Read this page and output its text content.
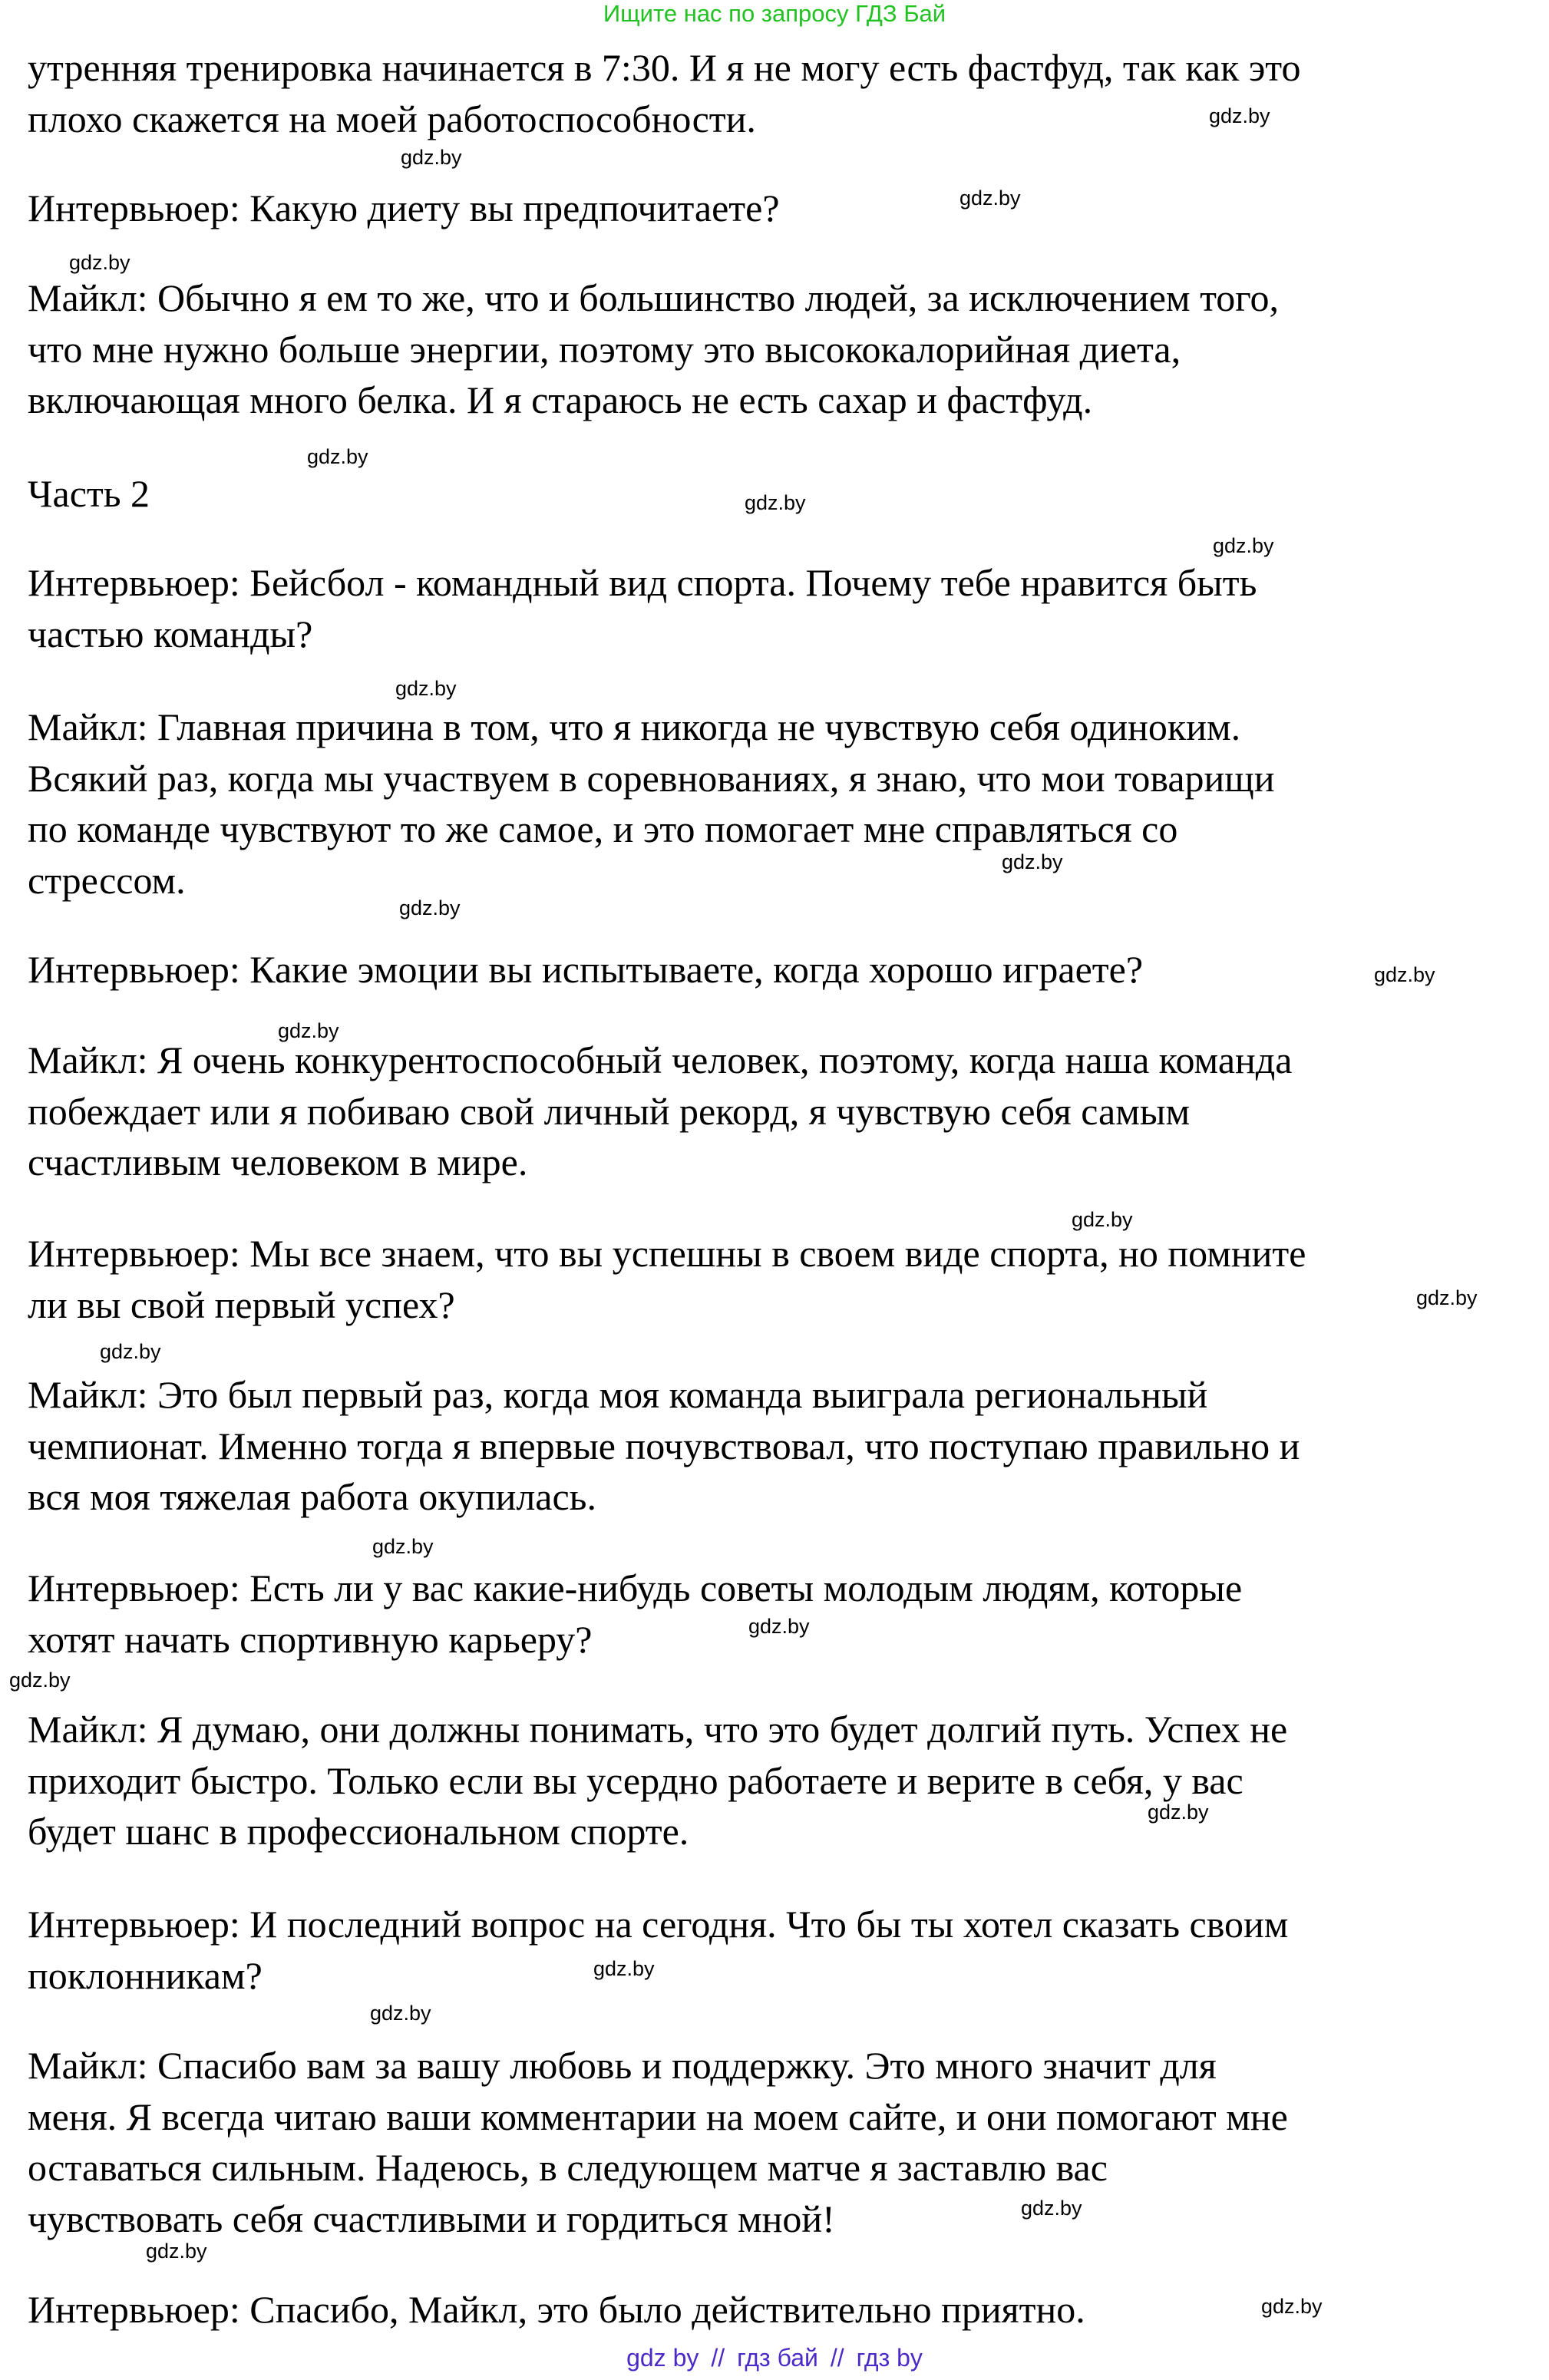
Ищите нас по запросу ГДЗ Бай

утренняя тренировка начинается в 7:30. И я не могу есть фастфуд, так как это
плохо скажется на моей работоспособности.

Интервьюер: Какую диету вы предпочитаете?

Майкл: Обычно я ем то же, что и большинство людей, за исключением того,
что мне нужно больше энергии, поэтому это высококалорийная диета,
включающая много белка. И я стараюсь не есть сахар и фастфуд.

Часть 2

Интервьюер: Бейсбол - командный вид спорта. Почему тебе нравится быть
частью команды?

Майкл: Главная причина в том, что я никогда не чувствую себя одиноким.
Всякий раз, когда мы участвуем в соревнованиях, я знаю, что мои товарищи
по команде чувствуют то же самое, и это помогает мне справляться со
стрессом.

Интервьюер: Какие эмоции вы испытываете, когда хорошо играете?

Майкл: Я очень конкурентоспособный человек, поэтому, когда наша команда
побеждает или я побиваю свой личный рекорд, я чувствую себя самым
счастливым человеком в мире.

Интервьюер: Мы все знаем, что вы успешны в своем виде спорта, но помните
ли вы свой первый успех?

Майкл: Это был первый раз, когда моя команда выиграла региональный
чемпионат. Именно тогда я впервые почувствовал, что поступаю правильно и
вся моя тяжелая работа окупилась.

Интервьюер: Есть ли у вас какие-нибудь советы молодым людям, которые
хотят начать спортивную карьеру?

Майкл: Я думаю, они должны понимать, что это будет долгий путь. Успех не
приходит быстро. Только если вы усердно работаете и верите в себя, у вас
будет шанс в профессиональном спорте.

Интервьюер: И последний вопрос на сегодня. Что бы ты хотел сказать своим
поклонникам?

Майкл: Спасибо вам за вашу любовь и поддержку. Это много значит для
меня. Я всегда читаю ваши комментарии на моем сайте, и они помогают мне
оставаться сильным. Надеюсь, в следующем матче я заставлю вас
чувствовать себя счастливыми и гордиться мной!

Интервьюер: Спасибо, Майкл, это было действительно приятно.

gdz.by
gdz.by
gdz.by
gdz.by
gdz.by
gdz.by
gdz.by
gdz.by
gdz.by
gdz.by
gdz.by
gdz.by
gdz.by
gdz.by
gdz.by
gdz.by
gdz.by
gdz.by
gdz.by
gdz.by
gdz.by
gdz.by
gdz.by
gdz.by
gdz by // гдз бай // гдз by
